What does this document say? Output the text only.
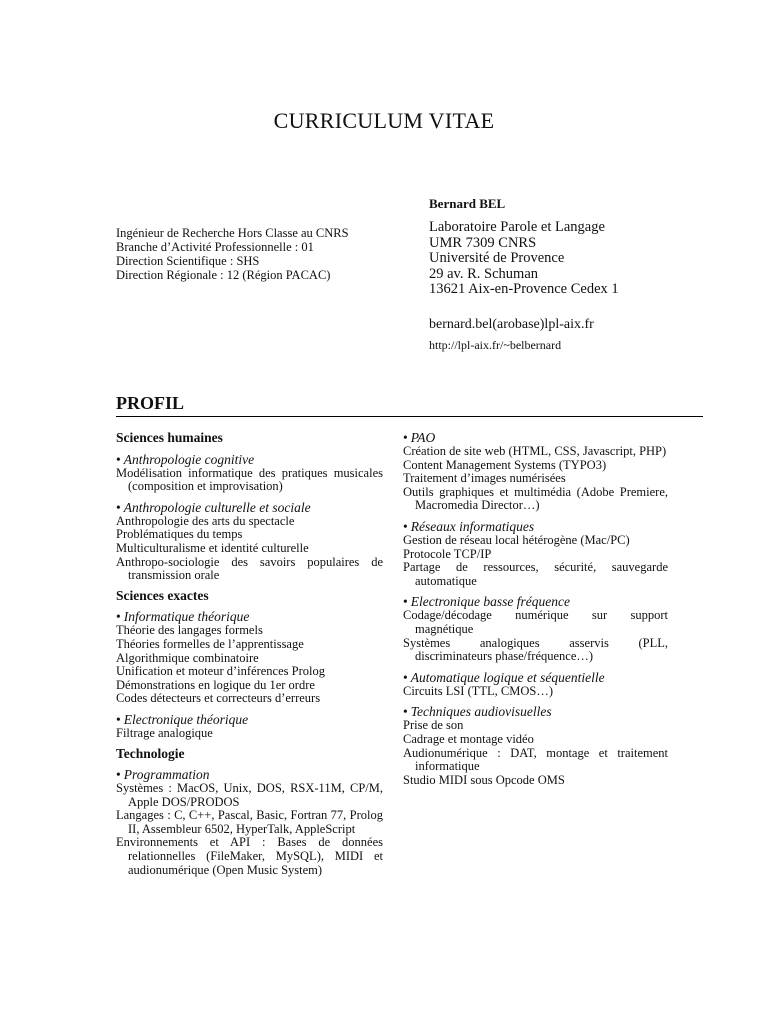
CURRICULUM VITAE
Ingénieur de Recherche Hors Classe au CNRS
Branche d’Activité Professionnelle : 01
Direction Scientifique : SHS
Direction Régionale : 12 (Région PACAC)
Bernard BEL
Laboratoire Parole et Langage
UMR 7309 CNRS
Université de Provence
29 av. R. Schuman
13621 Aix-en-Provence Cedex 1
bernard.bel(arobase)lpl-aix.fr
http://lpl-aix.fr/~belbernard
PROFIL
Sciences humaines
• Anthropologie cognitive
Modélisation informatique des pratiques musicales (composition et improvisation)
• Anthropologie culturelle et sociale
Anthropologie des arts du spectacle
Problématiques du temps
Multiculturalisme et identité culturelle
Anthropo-sociologie des savoirs populaires de transmission orale
Sciences exactes
• Informatique théorique
Théorie des langages formels
Théories formelles de l’apprentissage
Algorithmique combinatoire
Unification et moteur d’inférences Prolog
Démonstrations en logique du 1er ordre
Codes détecteurs et correcteurs d’erreurs
• Electronique théorique
Filtrage analogique
Technologie
• Programmation
Systèmes : MacOS, Unix, DOS, RSX-11M, CP/M, Apple DOS/PRODOS
Langages : C, C++, Pascal, Basic, Fortran 77, Prolog II, Assembleur 6502, HyperTalk, AppleScript
Environnements et API : Bases de données relationnelles (FileMaker, MySQL), MIDI et audionumérique (Open Music System)
• PAO
Création de site web (HTML, CSS, Javascript, PHP)
Content Management Systems (TYPO3)
Traitement d’images numérisées
Outils graphiques et multimédia (Adobe Premiere, Macromedia Director…)
• Réseaux informatiques
Gestion de réseau local hétérogène (Mac/PC)
Protocole TCP/IP
Partage de ressources, sécurité, sauvegarde automatique
• Electronique basse fréquence
Codage/décodage numérique sur support magnétique
Systèmes analogiques asservis (PLL, discriminateurs phase/fréquence…)
• Automatique logique et séquentielle
Circuits LSI (TTL, CMOS…)
• Techniques audiovisuelles
Prise de son
Cadrage et montage vidéo
Audionumérique : DAT, montage et traitement informatique
Studio MIDI sous Opcode OMS
